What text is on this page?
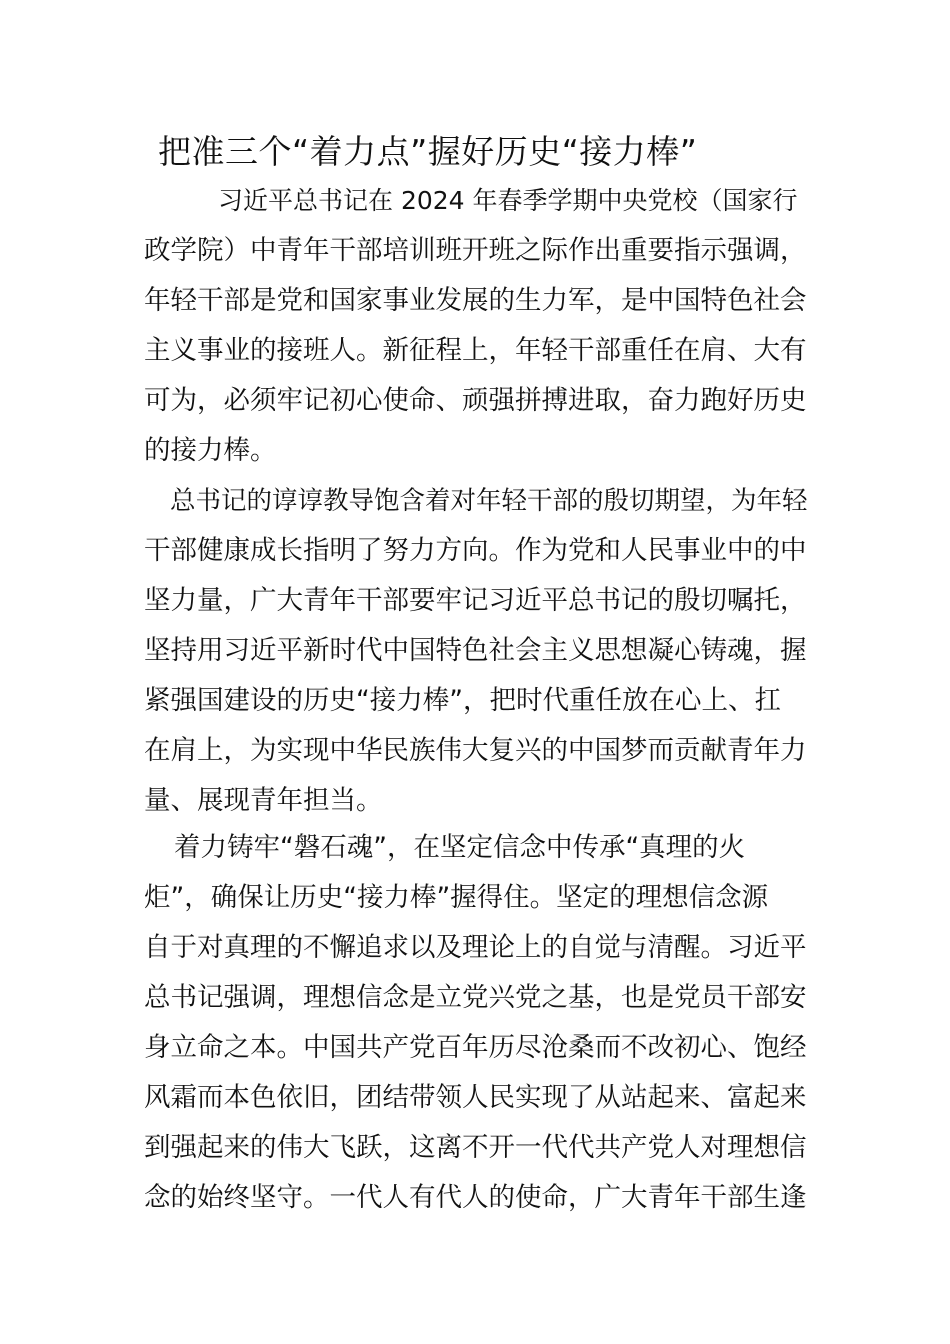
把准三个“着力点”握好历史“接力棒”
习近平总书记在 2024 年春季学期中央党校（国家行
政学院）中青年干部培训班开班之际作出重要指示强调，
年轻干部是党和国家事业发展的生力军，是中国特色社会
主义事业的接班人。新征程上，年轻干部重任在肩、大有
可为，必须牢记初心使命、顽强拼搏进取，奋力跑好历史
的接力棒。
总书记的谆谆教导饱含着对年轻干部的殷切期望，为年轻
干部健康成长指明了努力方向。作为党和人民事业中的中
坚力量，广大青年干部要牢记习近平总书记的殷切嘱托，
坚持用习近平新时代中国特色社会主义思想凝心铸魂，握
紧强国建设的历史“接力棒”，把时代重任放在心上、扛
在肩上，为实现中华民族伟大复兴的中国梦而贡献青年力
量、展现青年担当。
着力铸牢“磐石魂”，在坚定信念中传承“真理的火
炬”，确保让历史“接力棒”握得住。坚定的理想信念源
自于对真理的不懈追求以及理论上的自觉与清醒。习近平
总书记强调，理想信念是立党兴党之基，也是党员干部安
身立命之本。中国共产党百年历尽沧桑而不改初心、饱经
风霜而本色依旧，团结带领人民实现了从站起来、富起来
到强起来的伟大飞跃，这离不开一代代共产党人对理想信
念的始终坚守。一代人有代人的使命，广大青年干部生逢
